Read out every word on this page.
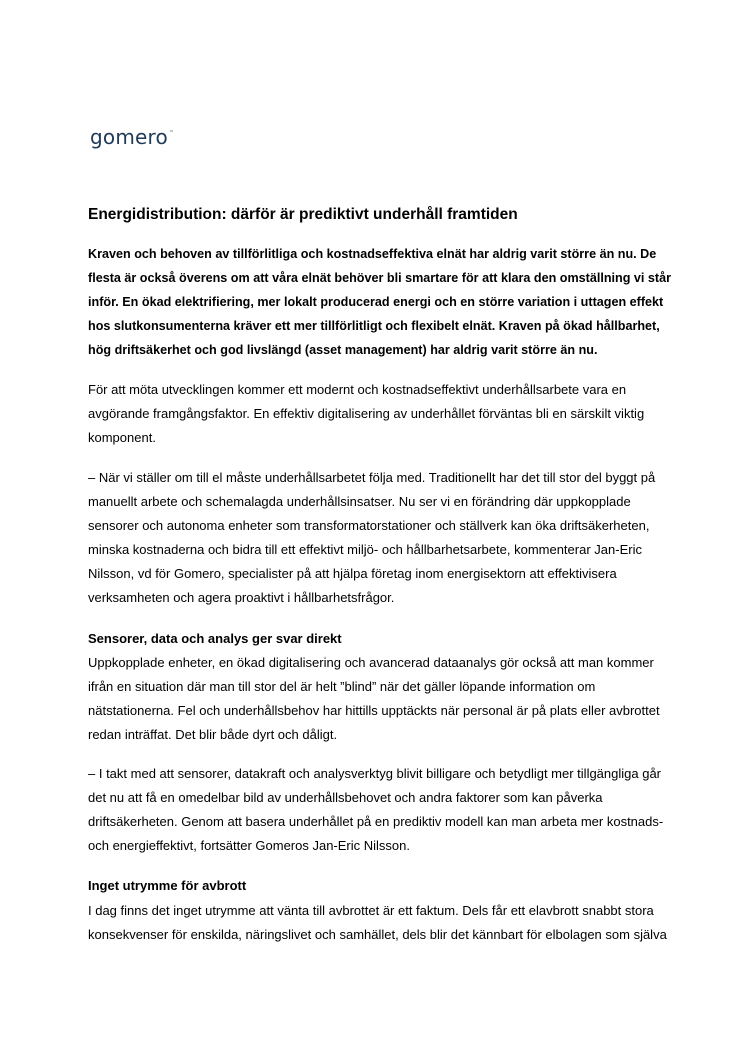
gomero ™
Energidistribution: därför är prediktivt underhåll framtiden
Kraven och behoven av tillförlitliga och kostnadseffektiva elnät har aldrig varit större än nu. De
flesta är också överens om att våra elnät behöver bli smartare för att klara den omställning vi står
inför. En ökad elektrifiering, mer lokalt producerad energi och en större variation i uttagen effekt
hos slutkonsumenterna kräver ett mer tillförlitligt och flexibelt elnät. Kraven på ökad hållbarhet,
hög driftsäkerhet och god livslängd (asset management) har aldrig varit större än nu.
För att möta utvecklingen kommer ett modernt och kostnadseffektivt underhållsarbete vara en
avgörande framgångsfaktor. En effektiv digitalisering av underhållet förväntas bli en särskilt viktig
komponent.
– När vi ställer om till el måste underhållsarbetet följa med. Traditionellt har det till stor del byggt på
manuellt arbete och schemalagda underhållsinsatser. Nu ser vi en förändring där uppkopplade
sensorer och autonoma enheter som transformatorstationer och ställverk kan öka driftsäkerheten,
minska kostnaderna och bidra till ett effektivt miljö- och hållbarhetsarbete, kommenterar Jan-Eric
Nilsson, vd för Gomero, specialister på att hjälpa företag inom energisektorn att effektivisera
verksamheten och agera proaktivt i hållbarhetsfrågor.
Sensorer, data och analys ger svar direkt
Uppkopplade enheter, en ökad digitalisering och avancerad dataanalys gör också att man kommer
ifrån en situation där man till stor del är helt ”blind” när det gäller löpande information om
nätstationerna. Fel och underhållsbehov har hittills upptäckts när personal är på plats eller avbrottet
redan inträffat. Det blir både dyrt och dåligt.
– I takt med att sensorer, datakraft och analysverktyg blivit billigare och betydligt mer tillgängliga går
det nu att få en omedelbar bild av underhållsbehovet och andra faktorer som kan påverka
driftsäkerheten. Genom att basera underhållet på en prediktiv modell kan man arbeta mer kostnads-
och energieffektivt, fortsätter Gomeros Jan-Eric Nilsson.
Inget utrymme för avbrott
I dag finns det inget utrymme att vänta till avbrottet är ett faktum. Dels får ett elavbrott snabbt stora
konsekvenser för enskilda, näringslivet och samhället, dels blir det kännbart för elbolagen som själva
